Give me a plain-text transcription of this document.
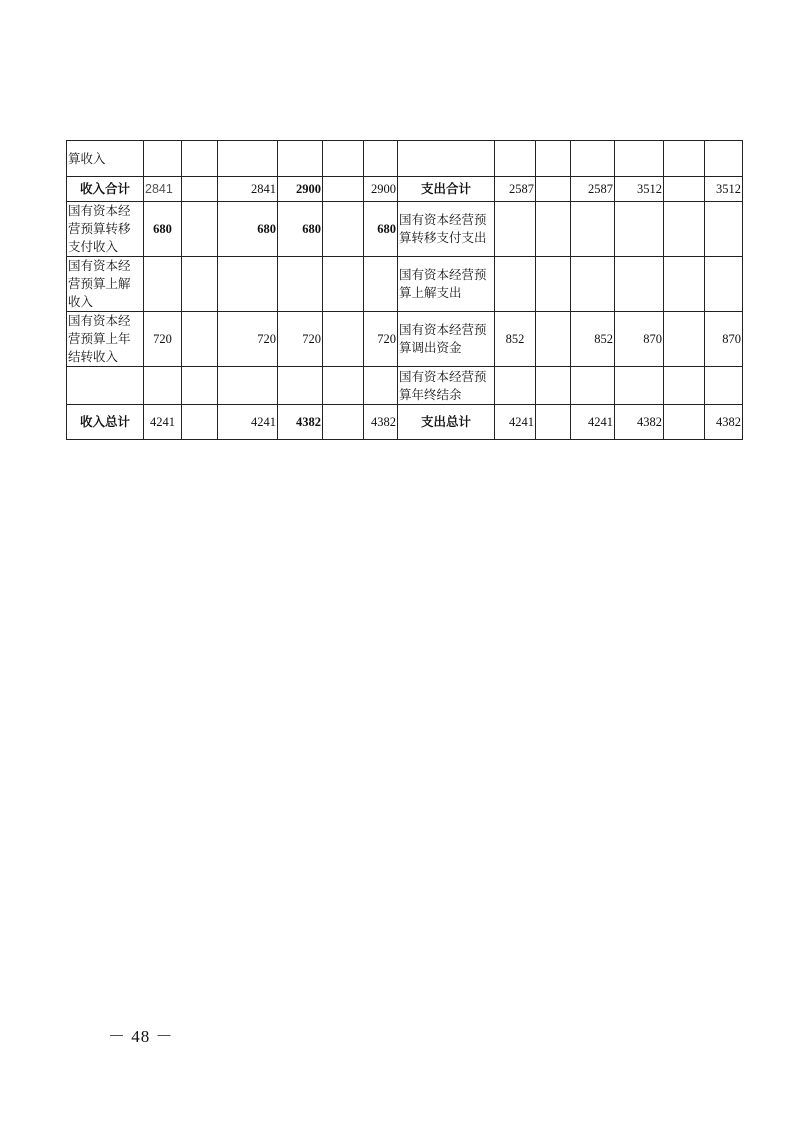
算收入													
收入合计	2841		2841	2900		2900	支出合计	2587		2587	3512		3512
国有资本经营预算转移支付收入	680		680	680		680	国有资本经营预算转移支付支出						
国有资本经营预算上解收入							国有资本经营预算上解支出						
国有资本经营预算上年结转收入	720		720	720		720	国有资本经营预算调出资金	852		852	870		870
							国有资本经营预算年终结余						
收入总计	4241		4241	4382		4382	支出总计	4241		4241	4382		4382
－ 48 －
